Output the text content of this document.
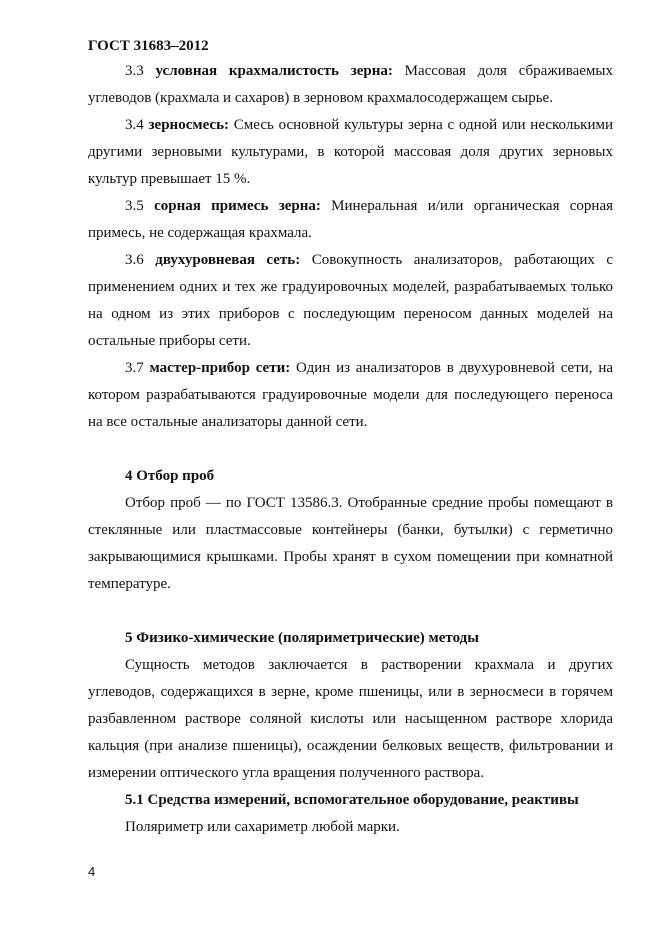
ГОСТ 31683–2012

3.3 условная крахмалистость зерна: Массовая доля сбраживаемых углеводов (крахмала и сахаров) в зерновом крахмалосодержащем сырье.

3.4 зерносмесь: Смесь основной культуры зерна с одной или несколькими другими зерновыми культурами, в которой массовая доля других зерновых культур превышает 15 %.

3.5 сорная примесь зерна: Минеральная и/или органическая сорная примесь, не содержащая крахмала.

3.6 двухуровневая сеть: Совокупность анализаторов, работающих с применением одних и тех же градуировочных моделей, разрабатываемых только на одном из этих приборов с последующим переносом данных моделей на остальные приборы сети.

3.7 мастер-прибор сети: Один из анализаторов в двухуровневой сети, на котором разрабатываются градуировочные модели для последующего переноса на все остальные анализаторы данной сети.

4 Отбор проб

Отбор проб — по ГОСТ 13586.3. Отобранные средние пробы помещают в стеклянные или пластмассовые контейнеры (банки, бутылки) с герметично закрывающимися крышками. Пробы хранят в сухом помещении при комнатной температуре.

5 Физико-химические (поляриметрические) методы

Сущность методов заключается в растворении крахмала и других углеводов, содержащихся в зерне, кроме пшеницы, или в зерносмеси в горячем разбавленном растворе соляной кислоты или насыщенном растворе хлорида кальция (при анализе пшеницы), осаждении белковых веществ, фильтровании и измерении оптического угла вращения полученного раствора.

5.1 Средства измерений, вспомогательное оборудование, реактивы

Поляриметр или сахариметр любой марки.

4
